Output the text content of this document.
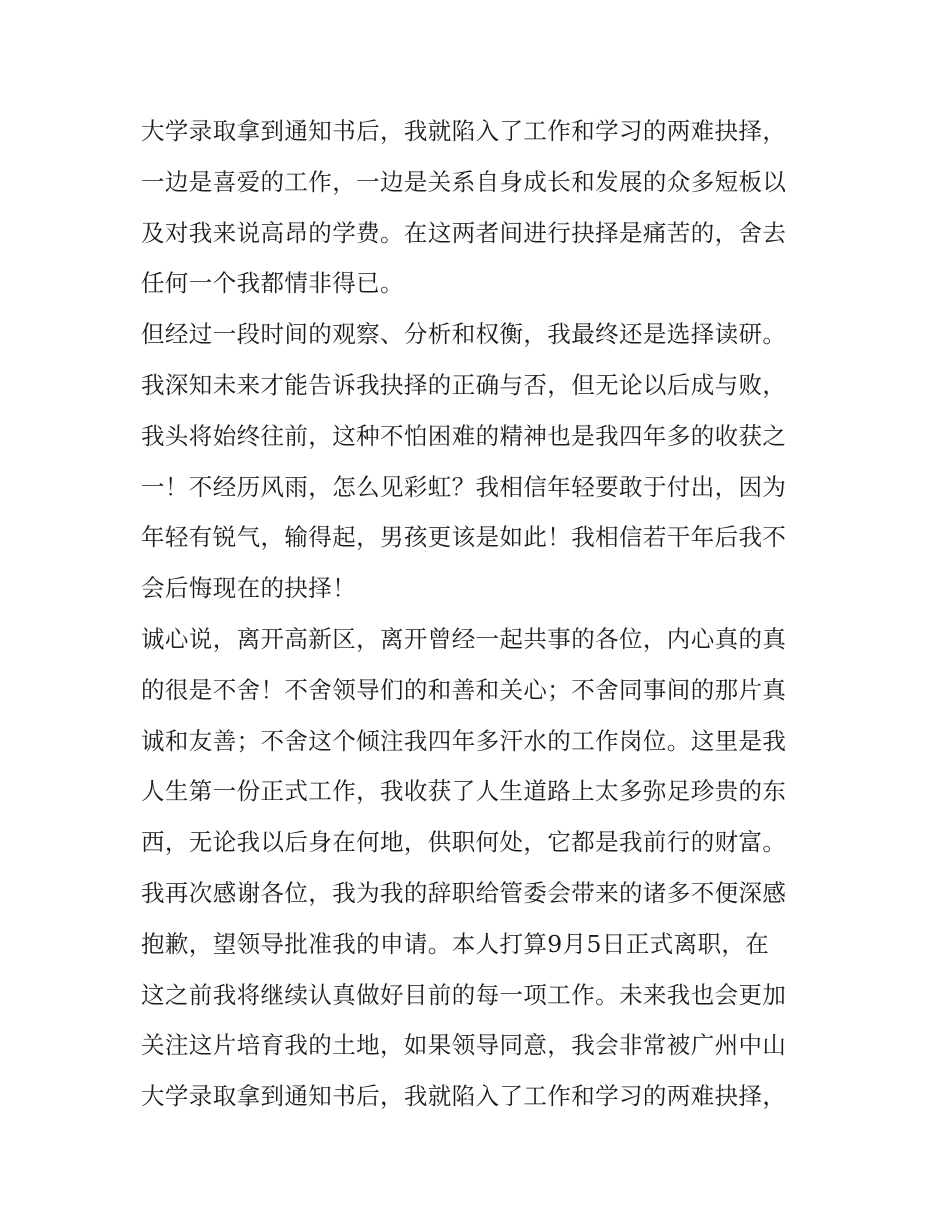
大学录取拿到通知书后，我就陷入了工作和学习的两难抉择，
一边是喜爱的工作，一边是关系自身成长和发展的众多短板以
及对我来说高昂的学费。在这两者间进行抉择是痛苦的，舍去
任何一个我都情非得已。
但经过一段时间的观察、分析和权衡，我最终还是选择读研。
我深知未来才能告诉我抉择的正确与否，但无论以后成与败，
我头将始终往前，这种不怕困难的精神也是我四年多的收获之
一！不经历风雨，怎么见彩虹？我相信年轻要敢于付出，因为
年轻有锐气，输得起，男孩更该是如此！我相信若干年后我不
会后悔现在的抉择！
诚心说，离开高新区，离开曾经一起共事的各位，内心真的真
的很是不舍！不舍领导们的和善和关心；不舍同事间的那片真
诚和友善；不舍这个倾注我四年多汗水的工作岗位。这里是我
人生第一份正式工作，我收获了人生道路上太多弥足珍贵的东
西，无论我以后身在何地，供职何处，它都是我前行的财富。
我再次感谢各位，我为我的辞职给管委会带来的诸多不便深感
抱歉，望领导批准我的申请。本人打算9月5日正式离职，在
这之前我将继续认真做好目前的每一项工作。未来我也会更加
关注这片培育我的土地，如果领导同意，我会非常被广州中山
大学录取拿到通知书后，我就陷入了工作和学习的两难抉择，
